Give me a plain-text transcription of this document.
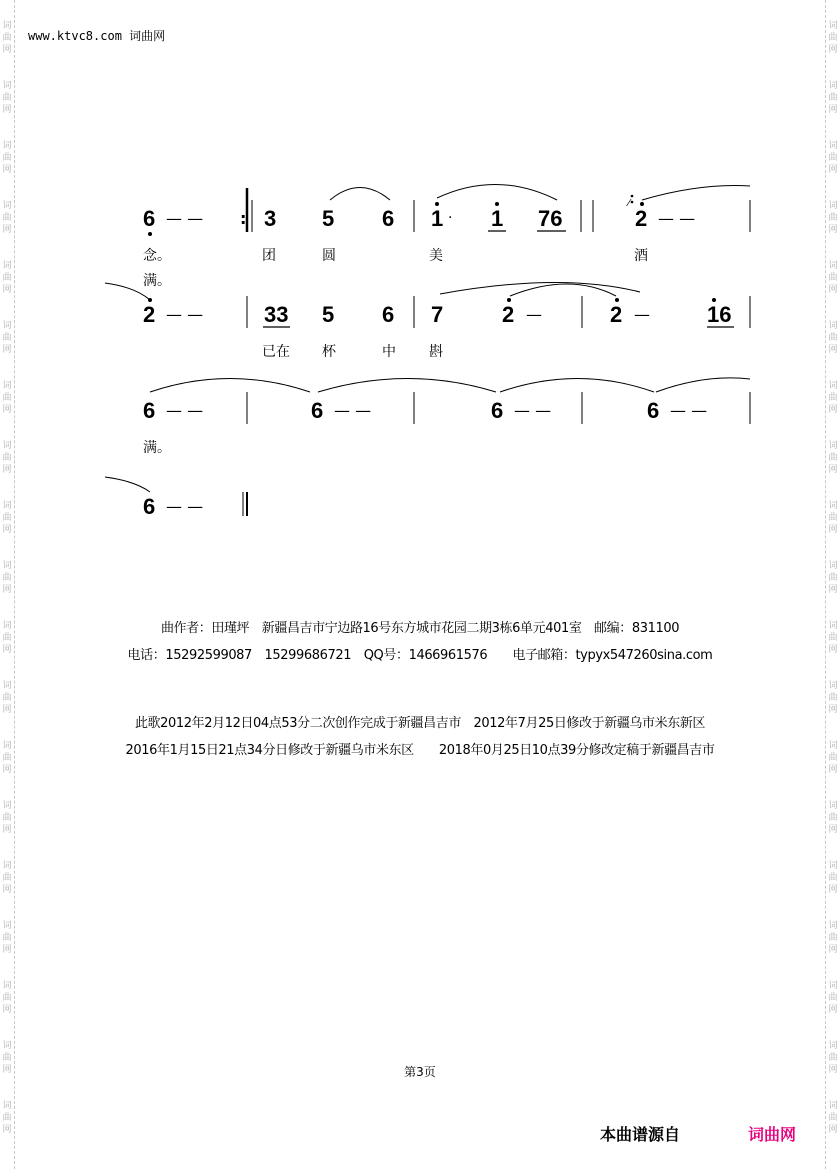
词
曲
网
词
曲
网
词
曲
网
词
曲
网
词
曲
网
词
曲
网
词
曲
网
词
曲
网
词
曲
网
词
曲
网
词
曲
网
词
曲
网
词
曲
网
词
曲
网
词
曲
网
词
曲
网
词
曲
网
词
曲
网
词
曲
网
词
曲
网
词
曲
网
词
曲
网
词
曲
网
词
曲
网
词
曲
网
词
曲
网
词
曲
网
词
曲
网
词
曲
网
词
曲
网
词
曲
网
词
曲
网
词
曲
网
词
曲
网
词
曲
网
词
曲
网
词
曲
网
词
曲
网
www.ktvc8.com 词曲网
6 — — : 3 5 6 1 · 1 76
⁄
2 — —
念。	团	圆	美	酒
满。
2 — —	33 5 6 7	2 —	2 —	16
已在 杯	中 斟
6 — —	6 — —	6 — —	6 — —
满。
6 — —
曲作者：田瑾坪　新疆昌吉市宁边路16号东方城市花园二期3栋6单元401室　邮编：831100
电话：15292599087　15299686721　QQ号：1466961576　　电子邮箱：typyx547260sina.com
此歌2012年2月12日04点53分二次创作完成于新疆昌吉市　2012年7月25日修改于新疆乌市米东新区
2016年1月15日21点34分日修改于新疆乌市米东区　　2018年0月25日10点39分修改定稿于新疆昌吉市
第3页
本曲谱源自	词曲网
